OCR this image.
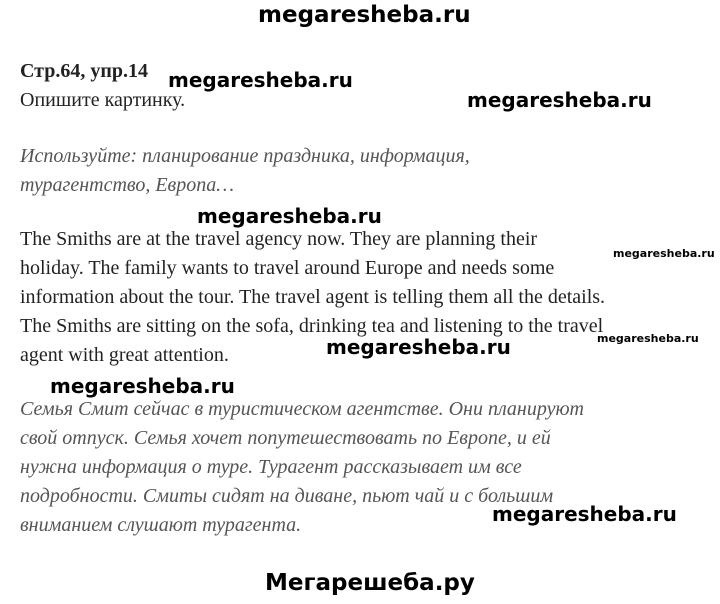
megaresheba.ru
megaresheba.ru
megaresheba.ru
megaresheba.ru
megaresheba.ru
megaresheba.ru	megaresheba.ru
megaresheba.ru
megaresheba.ru
Мегарешеба.ру
Стр.64, упр.14
Опишите картинку.
Используйте: планирование праздника, информация,
турагентство, Европа…
The Smiths are at the travel agency now. They are planning their
holiday. The family wants to travel around Europe and needs some
information about the tour. The travel agent is telling them all the details.
The Smiths are sitting on the sofa, drinking tea and listening to the travel
agent with great attention.
Семья Смит сейчас в туристическом агентстве. Они планируют
свой отпуск. Семья хочет попутешествовать по Европе, и ей
нужна информация о туре. Турагент рассказывает им все
подробности. Смиты сидят на диване, пьют чай и с большим
вниманием слушают турагента.
